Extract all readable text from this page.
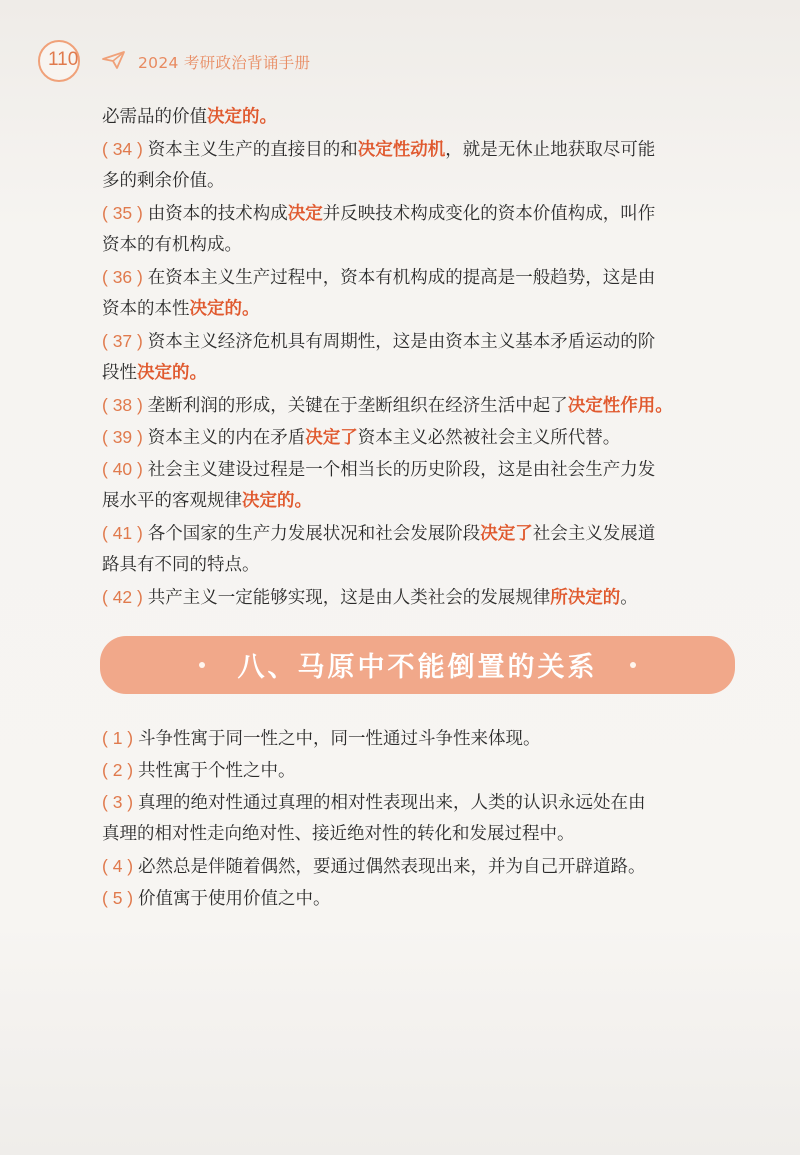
110	2024 考研政治背诵手册
必需品的价值决定的。
( 34 ) 资本主义生产的直接目的和决定性动机，就是无休止地获取尽可能
多的剩余价值。
( 35 ) 由资本的技术构成决定并反映技术构成变化的资本价值构成，叫作
资本的有机构成。
( 36 ) 在资本主义生产过程中，资本有机构成的提高是一般趋势，这是由
资本的本性决定的。
( 37 ) 资本主义经济危机具有周期性，这是由资本主义基本矛盾运动的阶
段性决定的。
( 38 ) 垄断利润的形成，关键在于垄断组织在经济生活中起了决定性作用。
( 39 ) 资本主义的内在矛盾决定了资本主义必然被社会主义所代替。
( 40 ) 社会主义建设过程是一个相当长的历史阶段，这是由社会生产力发
展水平的客观规律决定的。
( 41 ) 各个国家的生产力发展状况和社会发展阶段决定了社会主义发展道
路具有不同的特点。
( 42 ) 共产主义一定能够实现，这是由人类社会的发展规律所决定的。
八、马原中不能倒置的关系
( 1 ) 斗争性寓于同一性之中，同一性通过斗争性来体现。
( 2 ) 共性寓于个性之中。
( 3 ) 真理的绝对性通过真理的相对性表现出来，人类的认识永远处在由
真理的相对性走向绝对性、接近绝对性的转化和发展过程中。
( 4 ) 必然总是伴随着偶然，要通过偶然表现出来，并为自己开辟道路。
( 5 ) 价值寓于使用价值之中。
